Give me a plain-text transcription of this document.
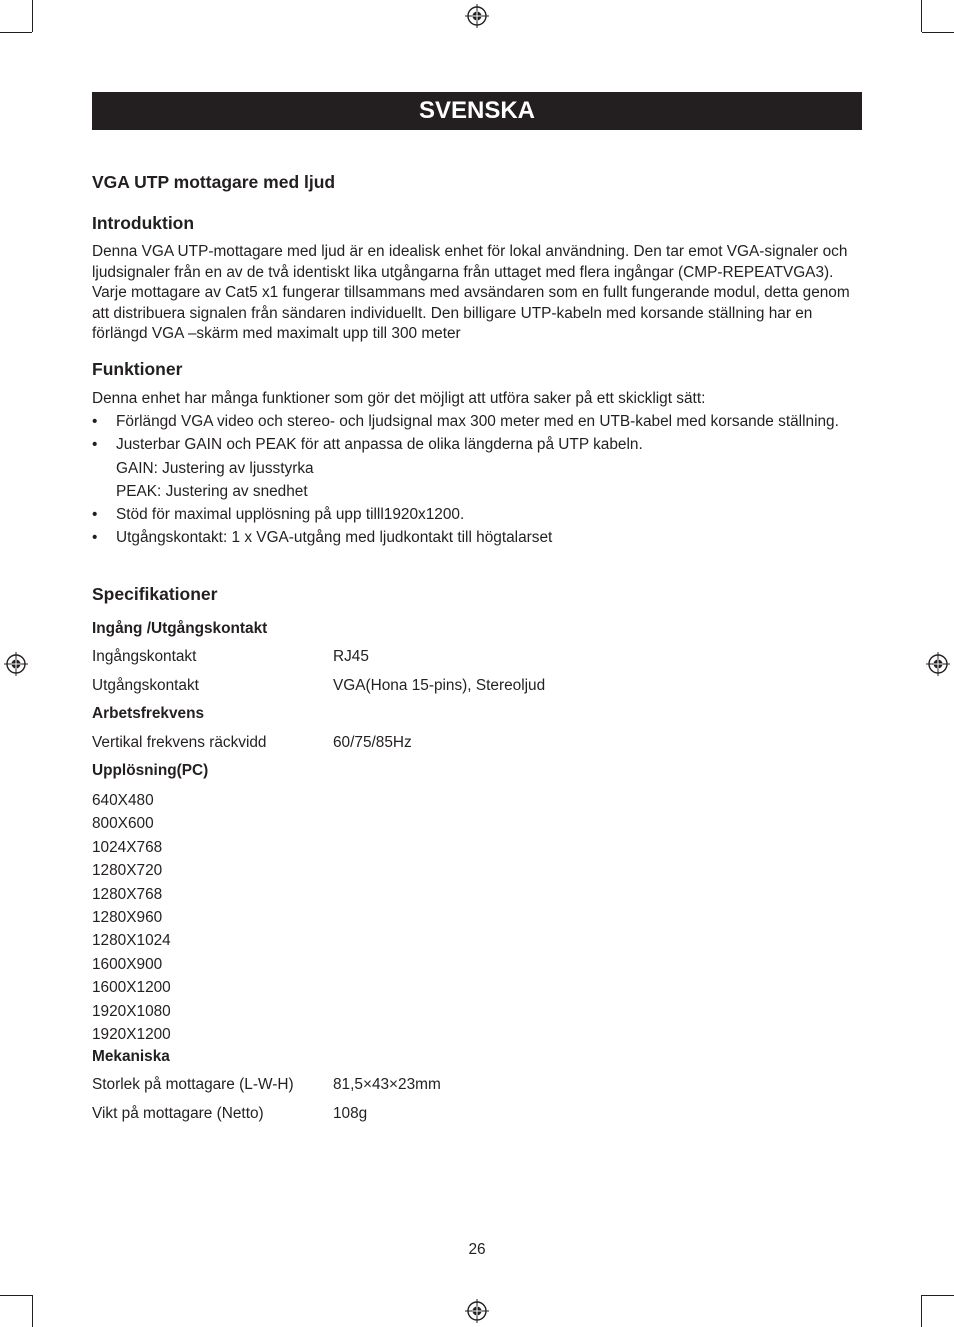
SVENSKA
VGA UTP mottagare med ljud
Introduktion

Denna VGA UTP-mottagare med ljud är en idealisk enhet för lokal användning. Den tar emot VGA-signaler och ljudsignaler från en av de två identiskt lika utgångarna från uttaget med flera ingångar (CMP-REPEATVGA3). Varje mottagare av Cat5 x1 fungerar tillsammans med avsändaren som en fullt fungerande modul, detta genom att distribuera signalen från sändaren individuellt. Den billigare UTP-kabeln med korsande ställning har en förlängd VGA –skärm med maximalt upp till 300 meter

Funktioner

Denna enhet har många funktioner som gör det möjligt att utföra saker på ett skickligt sätt:

• Förlängd VGA video och stereo- och ljudsignal max 300 meter med en UTB-kabel med korsande ställning.
• Justerbar GAIN och PEAK för att anpassa de olika längderna på UTP kabeln.
GAIN: Justering av ljusstyrka
PEAK: Justering av snedhet
• Stöd för maximal upplösning på upp tilll1920x1200.
• Utgångskontakt: 1 x VGA-utgång med ljudkontakt till högtalarset
Specifikationer
Ingång /Utgångskontakt
Ingångskontakt	RJ45
Utgångskontakt	VGA(Hona 15-pins), Stereoljud
Arbetsfrekvens
Vertikal frekvens räckvidd	60/75/85Hz
Upplösning(PC)
640X480
800X600
1024X768
1280X720
1280X768
1280X960
1280X1024
1600X900
1600X1200
1920X1080
1920X1200
Mekaniska
Storlek på mottagare (L-W-H)	81,5×43×23mm
Vikt på mottagare (Netto)	108g
26
